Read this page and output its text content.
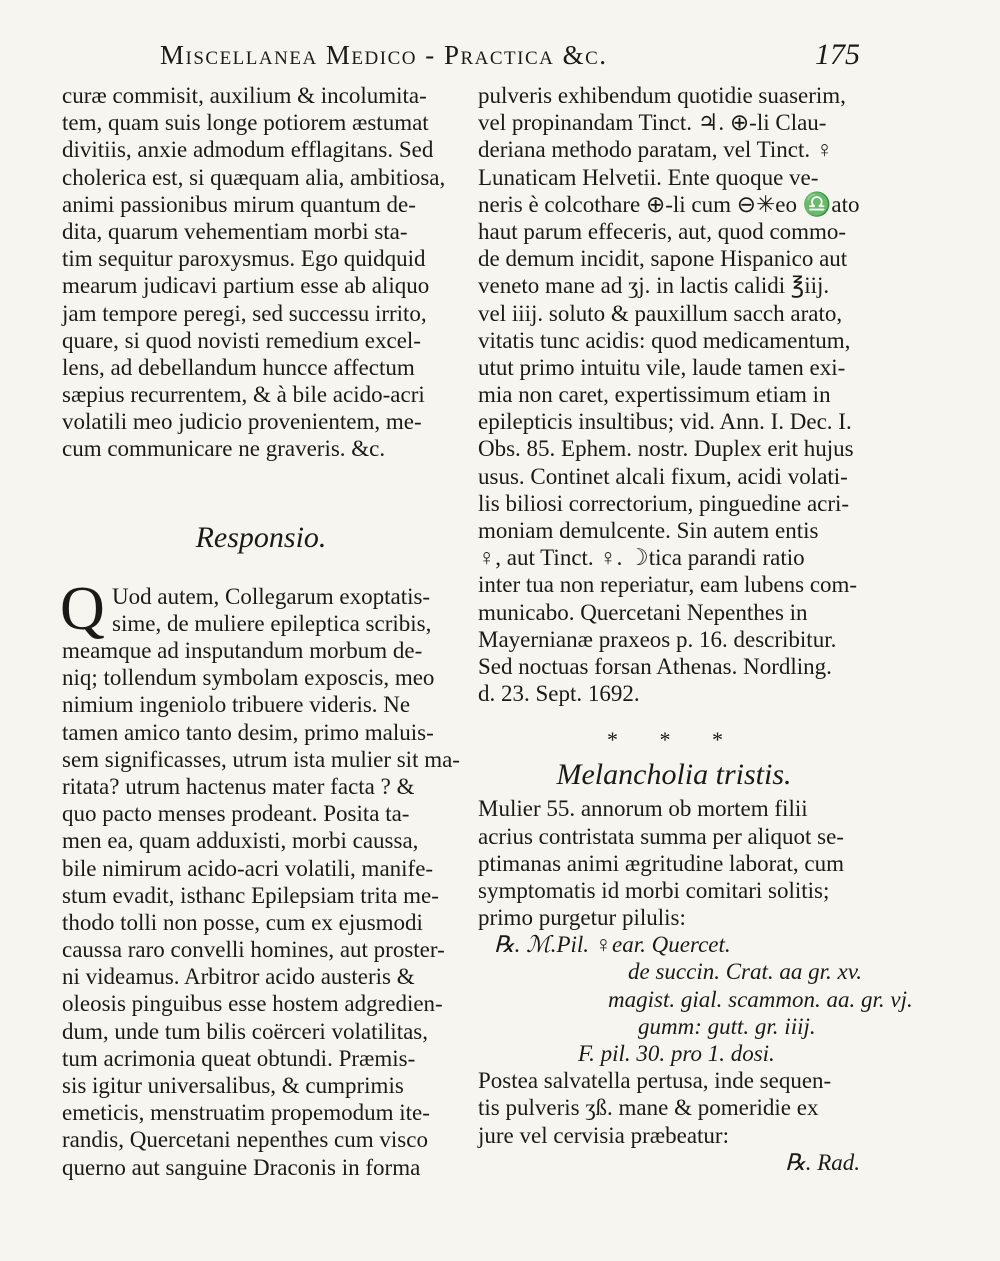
Miscellanea Medico - Practica &c.	175
curæ commisit, auxilium & incolumita-
tem, quam suis longe potiorem æstumat
divitiis, anxie admodum efflagitans. Sed
cholerica est, si quæquam alia, ambitiosa,
animi passionibus mirum quantum de-
dita, quarum vehementiam morbi sta-
tim sequitur paroxysmus. Ego quidquid
mearum judicavi partium esse ab aliquo
jam tempore peregi, sed successu irrito,
quare, si quod novisti remedium excel-
lens, ad debellandum huncce affectum
sæpius recurrentem, & à bile acido-acri
volatili meo judicio provenientem, me-
cum communicare ne graveris. &c.
Responsio.
Q Uod autem, Collegarum exoptatis-
sime, de muliere epileptica scribis,
meamque ad insputandum morbum de-
niq; tollendum symbolam exposcis, meo
nimium ingeniolo tribuere videris. Ne
tamen amico tanto desim, primo maluis-
sem significasses, utrum ista mulier sit ma-
ritata? utrum hactenus mater facta ? &
quo pacto menses prodeant. Posita ta-
men ea, quam adduxisti, morbi caussa,
bile nimirum acido-acri volatili, manife-
stum evadit, isthanc Epilepsiam trita me-
thodo tolli non posse, cum ex ejusmodi
caussa raro convelli homines, aut proster-
ni videamus. Arbitror acido austeris &
oleosis pinguibus esse hostem adgredien-
dum, unde tum bilis coërceri volatilitas,
tum acrimonia queat obtundi. Præmis-
sis igitur universalibus, & cumprimis
emeticis, menstruatim propemodum ite-
randis, Quercetani nepenthes cum visco
querno aut sanguine Draconis in forma
pulveris exhibendum quotidie suaserim,
vel propinandam Tinct. ♃. ⊕-li Clau-
deriana methodo paratam, vel Tinct. ♀
Lunaticam Helvetii. Ente quoque ve-
neris è colcothare ⊕-li cum ⊖✳eo ♎ato
haut parum effeceris, aut, quod commo-
de demum incidit, sapone Hispanico aut
veneto mane ad ʒj. in lactis calidi ℥iij.
vel iiij. soluto & pauxillum sacch arato,
vitatis tunc acidis: quod medicamentum,
utut primo intuitu vile, laude tamen exi-
mia non caret, expertissimum etiam in
epilepticis insultibus; vid. Ann. I. Dec. I.
Obs. 85. Ephem. nostr. Duplex erit hujus
usus. Continet alcali fixum, acidi volati-
lis biliosi correctorium, pinguedine acri-
moniam demulcente. Sin autem entis
♀, aut Tinct. ♀. ☽tica parandi ratio
inter tua non reperiatur, eam lubens com-
municabo. Quercetani Nepenthes in
Mayernianæ praxeos p. 16. describitur.
Sed noctuas forsan Athenas. Nordling.
d. 23. Sept. 1692.
* * *
Melancholia tristis.
Mulier 55. annorum ob mortem filii
acrius contristata summa per aliquot se-
ptimanas animi ægritudine laborat, cum
symptomatis id morbi comitari solitis;
primo purgetur pilulis:
℞. ℳ.Pil. ♀ear. Quercet.
de succin. Crat. aa gr. xv.
magist. gial. scammon. aa. gr. vj.
gumm: gutt. gr. iiij.
F. pil. 30. pro 1. dosi.
Postea salvatella pertusa, inde sequen-
tis pulveris ʒß. mane & pomeridie ex
jure vel cervisia præbeatur:
℞. Rad.
